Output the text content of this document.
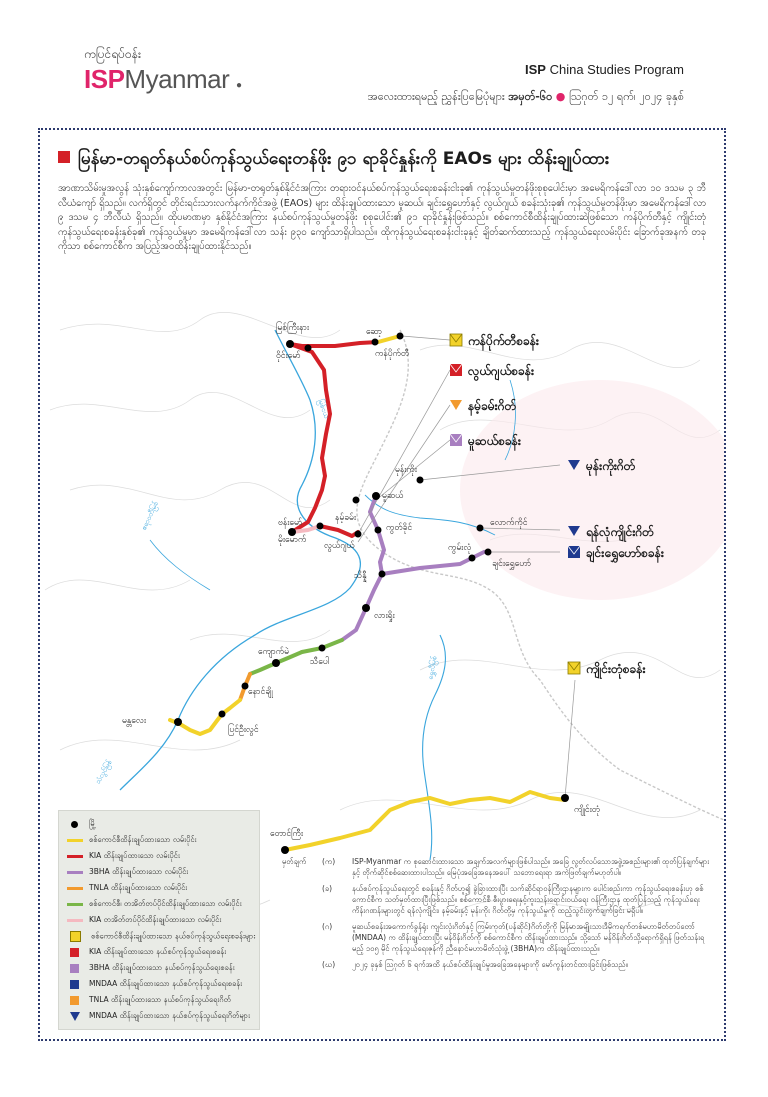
ကပြင်ရပ်ဝန်း
ISPMyanmar ●
ISP China Studies Program
အလေးထားရမည့် ညွှန်းပြမြေပုံများ အမှတ်-၆၀ ● ဩဂုတ် ၁၂ ရက်၊ ၂၀၂၄ ခုနှစ်
မြန်မာ-တရုတ်နယ်စပ်ကုန်သွယ်ရေးတန်ဖိုး ၉၁ ရာခိုင်နှုန်းကို EAOs များ ထိန်းချုပ်ထား
အာဏာသိမ်းမှုအလွန် သုံးနှစ်ကျော်ကာလအတွင်း မြန်မာ-တရုတ်နှစ်နိုင်ငံအကြား တရားဝင်နယ်စပ်ကုန်သွယ်ရေးစခန်းငါးခု၏ ကုန်သွယ်မှုတန်ဖိုးစုစုပေါင်းမှာ အမေရိကန်ဒေါ်လာ ၁၀ ဒသမ ၃ ဘီလီယံကျော် ရှိသည်။ လက်ရှိတွင် တိုင်းရင်းသားလက်နက်ကိုင်အဖွဲ့ (EAOs) များ ထိန်းချုပ်ထားသော မူဆယ်၊ ချင်းရွှေဟော်နှင့် လွယ်ဂျယ် စခန်းသုံးခု၏ ကုန်သွယ်မှုတန်ဖိုးမှာ အမေရိကန်ဒေါ်လာ ၉ ဒသမ ၄ ဘီလီယံ ရှိသည်။ ထိုပမာဏမှာ နှစ်နိုင်ငံအကြား နယ်စပ်ကုန်သွယ်မှုတန်ဖိုး စုစုပေါင်း၏ ၉၁ ရာခိုင်နှုန်းဖြစ်သည်။ စစ်ကောင်စီထိန်းချုပ်ထားဆဲဖြစ်သော ကန်ပိုက်တီနှင့် ကျိုင်းတုံကုန်သွယ်ရေးစခန်းနှစ်ခု၏ ကုန်သွယ်မှုမှာ အမေရိကန်ဒေါ်လာ သန်း ၉၃၀ ကျော်သာရှိပါသည်။ ထိုကုန်သွယ်ရေးစခန်းငါးခုနှင့် ချိတ်ဆက်ထားသည့် ကုန်သွယ်ရေးလမ်းပိုင်း ခြောက်ခုအနက် တခုကိုသာ စစ်ကောင်စီက အပြည့်အဝထိန်းချုပ်ထားနိုင်သည်။
ဧရာဝတီမြစ်
ရွှေလီမြစ်
သံလွင်မြစ်
မြစ်ငယ်
ကန်ပိုက်တီစခန်း
လွယ်ဂျယ်စခန်း
နမ့်ခမ်းဂိတ်
မူဆယ်စခန်း
မုန်းကိုးဂိတ်
ရန်လုံကျိုင်းဂိတ်
ချင်းရွှေဟော်စခန်း
ကျိုင်းတုံစခန်း
မြစ်ကြီးနား
ဝိုင်းမော်
ဆော့
ကန်ပိုက်တီ
ဗန်းမော်
မိုးမောက်
လွယ်ဂျယ်
မုန်းကိုး
မူဆယ်
နမ့်ခမ်း
ကွတ်ခိုင်
ကွမ်းလုံ
လောက်ကိုင်
ချင်းရွှေဟော်
သိန္နီ
လားရှိုး
ကျောက်မဲ
သီပေါ
နောင်ချို
ပြင်ဦးလွင်
မန္တလေး
ကျိုင်းတုံ
တောင်ကြီး
မြို့
စစ်ကောင်စီထိန်းချုပ်ထားသော လမ်းပိုင်း
KIA ထိန်းချုပ်ထားသော လမ်းပိုင်း
3BHA ထိန်းချုပ်ထားသော လမ်းပိုင်း
TNLA ထိန်းချုပ်ထားသော လမ်းပိုင်း
စစ်ကောင်စီ၊ တအိတ်တပ်ပိုင်ထိန်းချုပ်ထားသော လမ်းပိုင်း
KIA တအိတ်တပ်ပိုင်ထိန်းချုပ်ထားသော လမ်းပိုင်း
စစ်ကောင်စီထိန်းချုပ်ထားသော နယ်စပ်ကုန်သွယ်ရေးစခန်းများ
KIA ထိန်းချုပ်ထားသော နယ်စပ်ကုန်သွယ်ရေးစခန်း
3BHA ထိန်းချုပ်ထားသော နယ်စပ်ကုန်သွယ်ရေးစခန်း
MNDAA ထိန်းချုပ်ထားသော နယ်စပ်ကုန်သွယ်ရေးစခန်း
TNLA ထိန်းချုပ်ထားသော နယ်စပ်ကုန်သွယ်ရေးဂိတ်
MNDAA ထိန်းချုပ်ထားသော နယ်စပ်ကုန်သွယ်ရေးဂိတ်များ
မှတ်ချက်	(က)	ISP-Myanmar က စုဆောင်းထားသော အချက်အလက်များဖြစ်ပါသည်။ အခြေ လွတ်လပ်သောအဖွဲ့အစည်းများ၏ ထုတ်ပြန်ချက်များနှင့် တိုက်ဆိုင်စစ်ဆေးထားပါသည်။ မြေပုံအခြေအနေအပေါ် သဘောရေးရာ အကဲဖြတ်ချက်မဟုတ်ပါ။
(ခ)	နယ်စပ်ကုန်သွယ်ရေးတွင် စခန်းနှင့် ဂိတ်ဟူ၍ ခွဲခြားထားပြီး သက်ဆိုင်ရာဝန်ကြီးဌာနများက ပေါင်းစည်းကာ ကုန်သွယ်ရေးစခန်းဟု စစ်ကောင်စီက သတ်မှတ်ထားပြီးဖြစ်သည်။ စစ်ကောင်စီ စီးပွားရေးနှင့်ကူးသန်းရောင်းဝယ်ရေး ဝန်ကြီးဌာန ထုတ်ပြန်သည့် ကုန်သွယ်ရေး ကိန်းဂဏန်းများတွင် ရန်လုံကျိုင်း၊ နမ့်ခမ်းနှင့် မုန်းကိုး ဂိတ်တို့မှ ကုန်သွယ်မှုကို ထည့်သွင်းတွက်ချက်ခြင်း မရှိပါ။
(ဂ)	မူဆယ်စခန်းအကောက်ခွန်ရုံး ကျင်းလုံးဂိတ်နှင့် ကြမ်းကုတ်(ပန်ဆိုင်)ဂိတ်တို့ကို မြန်မာအမျိုးသားဒီမိုကရက်တစ်မဟာမိတ်တပ်တော် (MNDAA) က ထိန်းချုပ်ထားပြီး မန်ဝိန်းဂိတ်ကို စစ်ကောင်စီက ထိန်းချုပ်ထားသည်။ သို့သော် မန်ဝိန်းဂိတ်သို့ရောက်ရှိရန် ဖြတ်သန်းရမည့် ၁၀၅ မိုင် ကုန်သွယ်ရေးဇုန်ကို ညီနောင်မဟာမိတ်သုံးဖွဲ့ (3BHA)က ထိန်းချုပ်ထားသည်။
(ဃ)	၂၀၂၄ ခုနှစ် ဩဂုတ် ၆ ရက်အထိ နယ်စပ်ထိန်းချုပ်မှုအခြေအနေများကို မော်ကွန်းတင်ထားခြင်းဖြစ်သည်။
